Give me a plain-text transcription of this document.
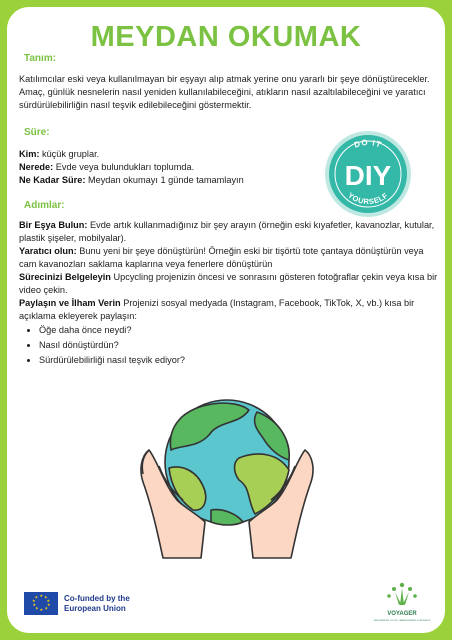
MEYDAN OKUMAK
Tanım:
Katılımcılar eski veya kullanılmayan bir eşyayı alıp atmak yerine onu yararlı bir şeye dönüştürecekler. Amaç, günlük nesnelerin nasıl yeniden kullanılabileceğini, atıkların nasıl azaltılabileceğini ve yaratıcı sürdürülebilirliğin nasıl teşvik edilebileceğini göstermektir.
Süre:
Kim: küçük gruplar.
Nerede: Evde veya bulundukları toplumda.
Ne Kadar Süre: Meydan okumayı 1 günde tamamlayın
DO IT
DIY
YOURSELF
Adımlar:
Bir Eşya Bulun: Evde artık kullanmadığınız bir şey arayın (örneğin eski kıyafetler, kavanozlar, kutular, plastik şişeler, mobilyalar).
Yaratıcı olun: Bunu yeni bir şeye dönüştürün! Örneğin eski bir tişörtü tote çantaya dönüştürün veya cam kavanozları saklama kaplarına veya fenerlere dönüştürün
Sürecinizi Belgeleyin Upcycling projenizin öncesi ve sonrasını gösteren fotoğraflar çekin veya kısa bir video çekin.
Paylaşın ve İlham Verin Projenizi sosyal medyada (Instagram, Facebook, TikTok, X, vb.) kısa bir açıklama ekleyerek paylaşın:
• Öğe daha önce neydi?
• Nasıl dönüştürdün?
• Sürdürülebilirliği nasıl teşvik ediyor?
★ ★
★
★
★
★
★
★
★
★	Co-funded by the European Union
VOYAGER
EMPOWERING YOUTH, TRANSFORMING TOMORROW
